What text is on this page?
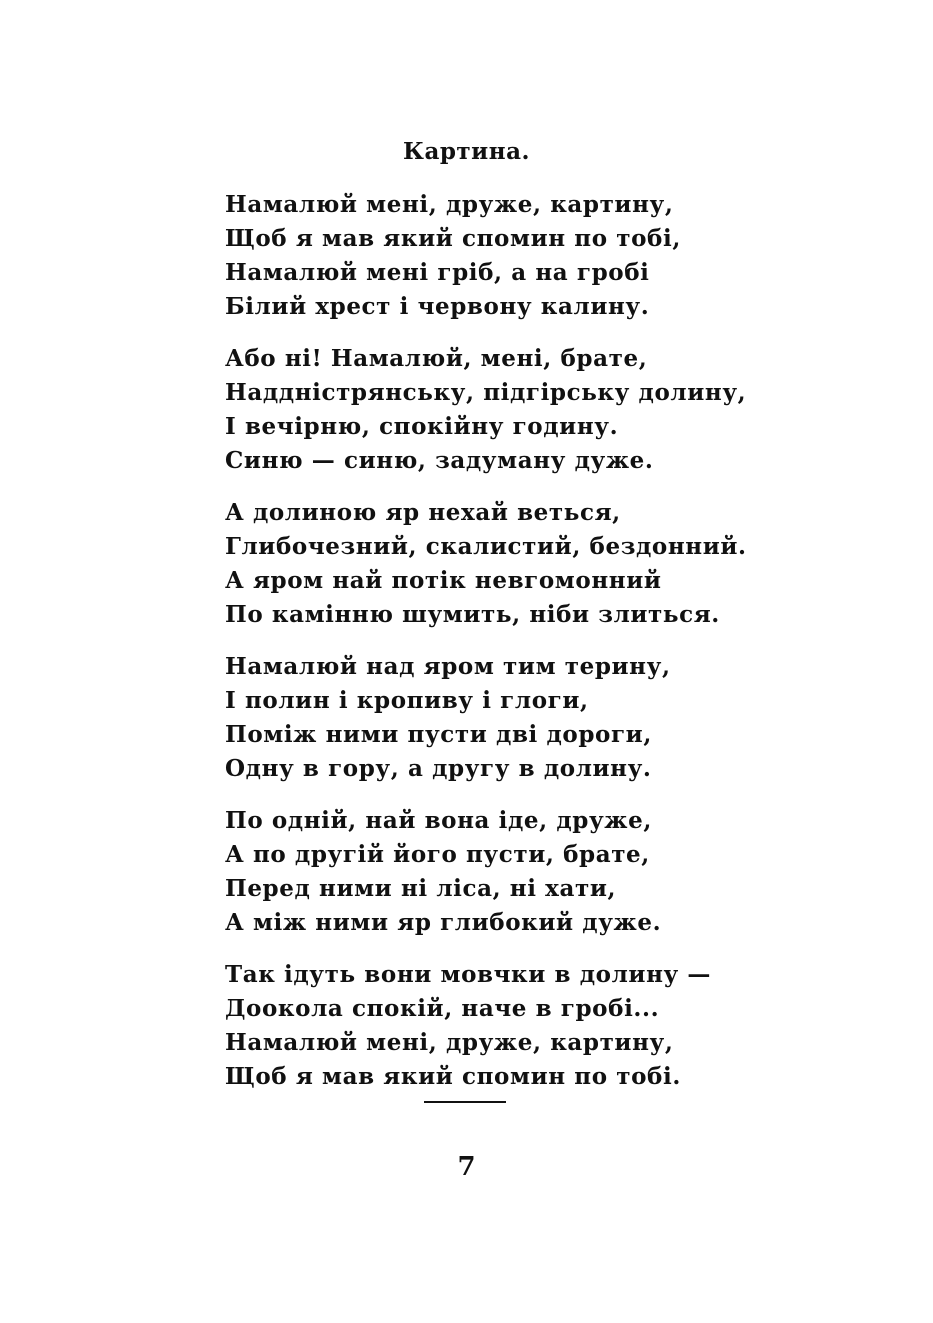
Картина.
Намалюй мені, друже, картину,
Щоб я мав який спомин по тобі,
Намалюй мені гріб, а на гробі
Білий хрест і червону калину.
Або ні! Намалюй, мені, брате,
Наддністрянську, підгірську долину,
І вечірню, спокійну годину.
Синю — синю, задуману дуже.
А долиною яр нехай веться,
Глибочезний, скалистий, бездонний.
А яром най потік невгомонний
По камінню шумить, ніби злиться.
Намалюй над яром тим терину,
І полин і кропиву і глоги,
Поміж ними пусти дві дороги,
Одну в гору, а другу в долину.
По одній, най вона іде, друже,
А по другій його пусти, брате,
Перед ними ні ліса, ні хати,
А між ними яр глибокий дуже.
Так ідуть вони мовчки в долину —
Доокола спокій, наче в гробі...
Намалюй мені, друже, картину,
Щоб я мав який спомин по тобі.
7
